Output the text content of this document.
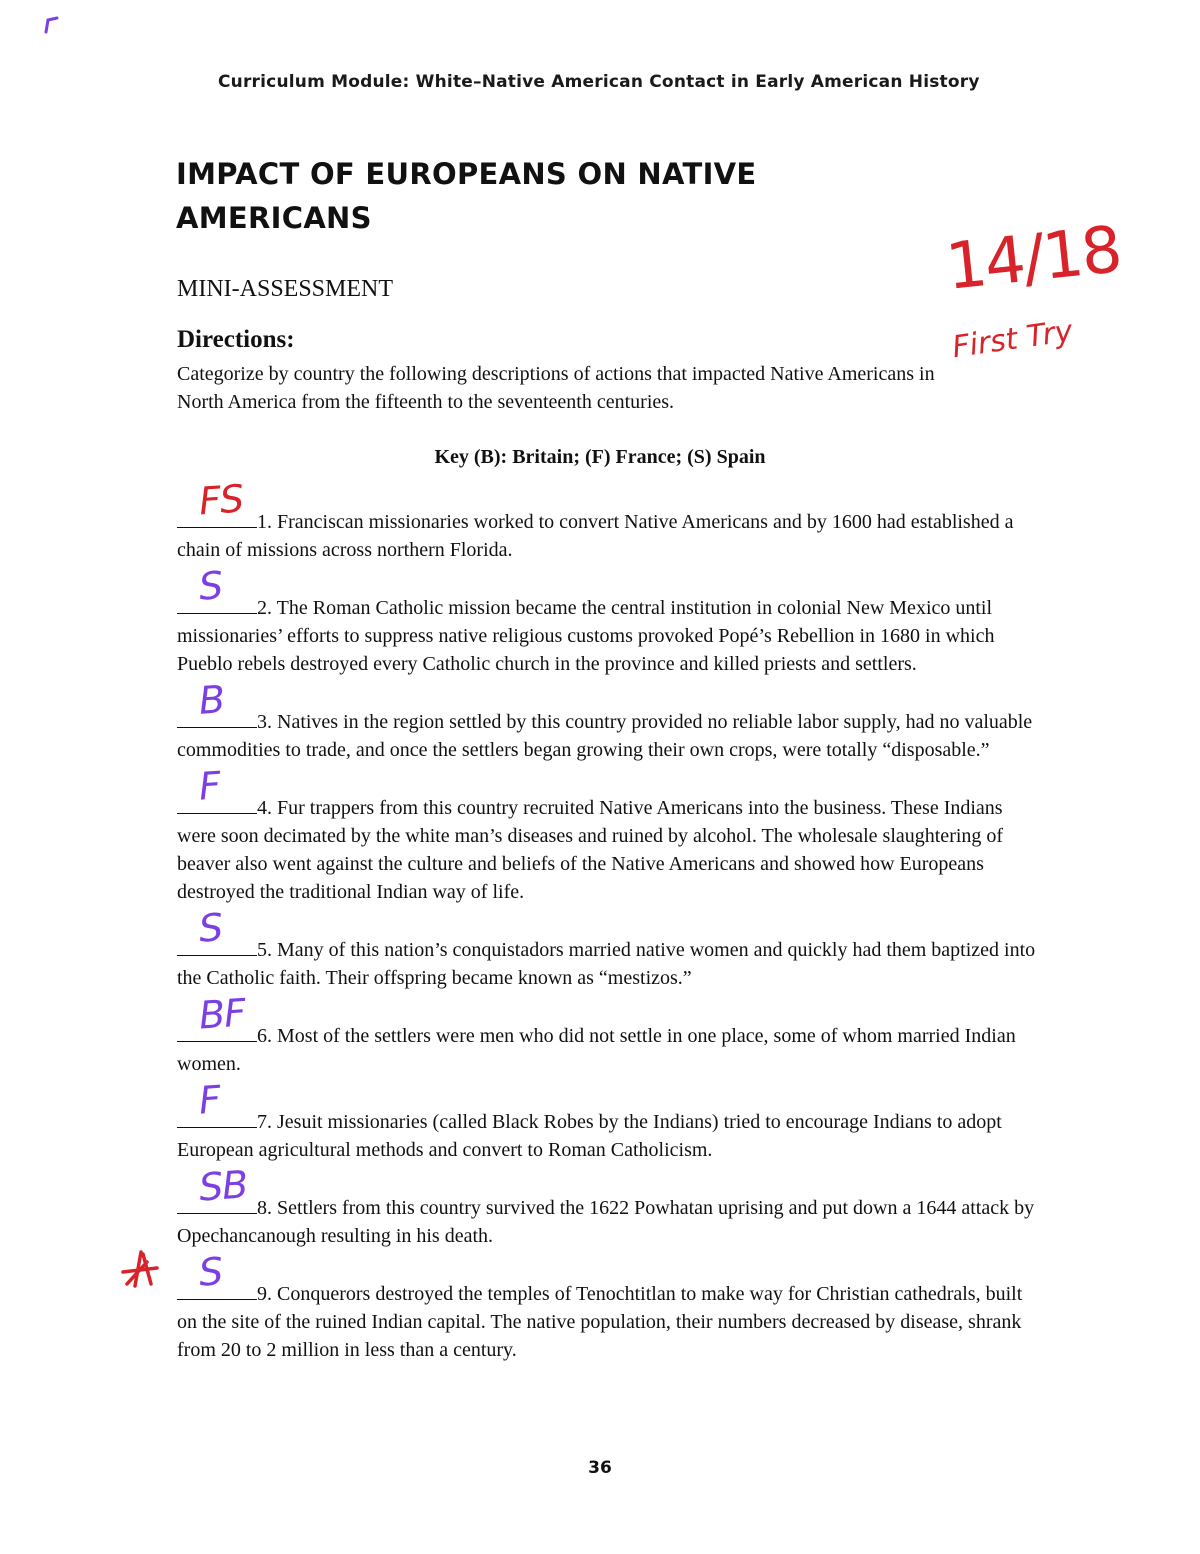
Curriculum Module: White–Native American Contact in Early American History
IMPACT OF EUROPEANS ON NATIVE AMERICANS
MINI-ASSESSMENT	14/18
First Try
Directions:
Categorize by country the following descriptions of actions that impacted Native Americans in North America from the fifteenth to the seventeenth centuries.
Key (B): Britain; (F) France; (S) Spain
FS 1. Franciscan missionaries worked to convert Native Americans and by 1600 had established a chain of missions across northern Florida.
S 2. The Roman Catholic mission became the central institution in colonial New Mexico until missionaries’ efforts to suppress native religious customs provoked Popé’s Rebellion in 1680 in which Pueblo rebels destroyed every Catholic church in the province and killed priests and settlers.
B 3. Natives in the region settled by this country provided no reliable labor supply, had no valuable commodities to trade, and once the settlers began growing their own crops, were totally “disposable.”
F 4. Fur trappers from this country recruited Native Americans into the business. These Indians were soon decimated by the white man’s diseases and ruined by alcohol. The wholesale slaughtering of beaver also went against the culture and beliefs of the Native Americans and showed how Europeans destroyed the traditional Indian way of life.
S 5. Many of this nation’s conquistadors married native women and quickly had them baptized into the Catholic faith. Their offspring became known as “mestizos.”
BF 6. Most of the settlers were men who did not settle in one place, some of whom married Indian women.
F 7. Jesuit missionaries (called Black Robes by the Indians) tried to encourage Indians to adopt European agricultural methods and convert to Roman Catholicism.
SB 8. Settlers from this country survived the 1622 Powhatan uprising and put down a 1644 attack by Opechancanough resulting in his death.
S 9. Conquerors destroyed the temples of Tenochtitlan to make way for Christian cathedrals, built on the site of the ruined Indian capital. The native population, their numbers decreased by disease, shrank from 20 to 2 million in less than a century.
36
